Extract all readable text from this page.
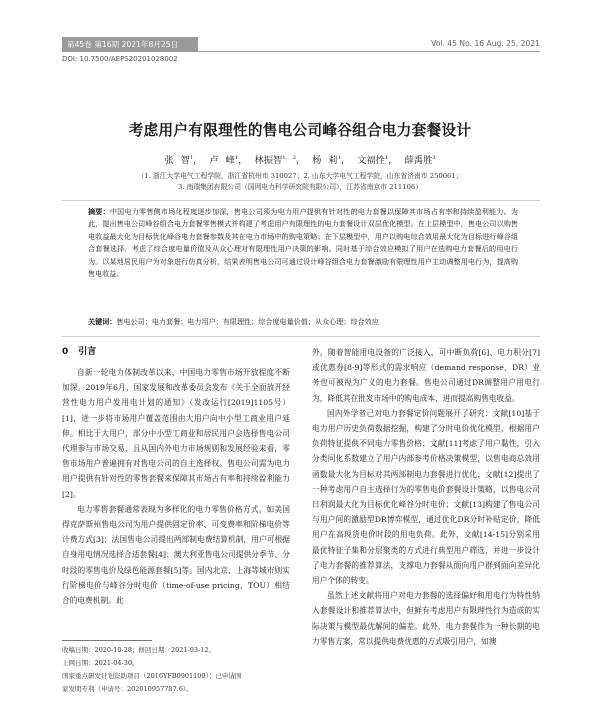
第45卷 第16期 2021年8月25日	Vol. 45 No. 16 Aug. 25, 2021
DOI: 10.7500/AEPS20201028002
考虑用户有限理性的售电公司峰谷组合电力套餐设计
张 智$^1$， 卢 峰$^1$， 林振智$^{1, 2}$， 杨 莉$^1$， 文福拴$^1$， 薛禹胜$^3$
（1. 浙江大学电气工程学院，浙江省杭州市 310027；2. 山东大学电气工程学院，山东省济南市 250061；
3. 南瑞集团有限公司（国网电力科学研究院有限公司），江苏省南京市 211106）
摘要：中国电力零售侧市场化程度逐步加深，售电公司须为电力用户提供有针对性的电力套餐以保障其市场占有率和持续盈利能力。为此，提出售电公司峰谷组合电力套餐零售模式并构建了考虑用户有限理性的电力套餐设计双层优化模型。在上层模型中，售电公司以购售电收益最大化为目标优化峰谷电力套餐参数及其在电力市场中的购电策略；在下层模型中，用户以购电综合效用最大化为目标进行峰谷组合套餐选择，考虑了综合度电量价值及从众心理对有限理性用户决策的影响。同时基于综合效应模拟了用户在选购电力套餐后的用电行为。以某地居民用户为对象进行仿真分析，结果表明售电公司可通过设计峰谷组合电力套餐激励有限理性用户主动调整用电行为，提高购售电收益。
关键词：售电公司；电力套餐；电力用户；有限理性；综合度电量价值；从众心理；综合效应
0 引言

自新一轮电力体制改革以来，中国电力零售市场开放程度不断加深。2019年6月，国家发展和改革委员会发布《关于全面放开经营性电力用户发用电计划的通知》（发改运行[2019]1105号）[1]，进一步将市场用户覆盖范围由大用户向中小型工商业用户延伸。相比于大用户，部分中小型工商业和居民用户会选择售电公司代理参与市场交易，且从国内外电力市场规则和发展经验来看，零售市场用户普遍拥有对售电公司的自主选择权。售电公司需为电力用户提供有针对性的零售套餐来保障其市场占有率和持续盈利能力[2]。

电力零售套餐通常表现为多样化的电力零售价格方式。如美国得克萨斯州售电公司为用户提供固定价率、可变费率和阶梯电价等计费方式[3]；法国售电公司提出两部制电费结算机制，用户可根据自身用电情况选择合适套餐[4]；澳大利亚售电公司提供分季节、分时段的零售电价及绿色能源套餐[5]等。国内北京、上海等城市则实行阶梯电价与峰谷分时电价（time-of-use pricing，TOU）相结合的电费机制。此

外，随着智能用电设备的广泛接入，可中断负荷[6]、电力积分[7]或优惠券[8-9]等形式的需求响应（demand response，DR）业务也可被视为广义的电力套餐。售电公司通过DR调整用户用电行为，降低其在批发市场中的购电成本，进而提高购售电收益。

国内外学者已对电力套餐定价问题展开了研究：文献[10]基于电力用户历史负荷数据挖掘，构建了分时电价优化模型，根据用户负荷特征提供不同电力零售价格；文献[11]考虑了用户黏性，引入分类同化系数建立了用户内部参考价格决策模型，以售电商总效用函数最大化为目标对其两部制电力套餐进行优化；文献[12]提出了一种考虑用户自主选择行为的零售电价套餐设计策略，以售电公司日利润最大化为目标优化峰谷分时电价；文献[13]构建了售电公司与用户间的激励型DR博弈模型，通过优化DR分时补贴定价，降低用户在高现货电价时段的用电负荷。此外，文献[14-15]分别采用最优特征子集和分层聚类的方式进行典型用户筛选，并进一步设计了电力套餐的推荐算法，支撑电力套餐从面向用户群到面向差异化用户个体的转变。

虽然上述文献将用户对电力套餐的选择偏好和用电行为特性纳入套餐设计和推荐算法中，但鲜有考虑用户有限理性行为造成的实际决策与模型最优解间的偏差。此外，电力套餐作为一种长期的电力零售方案，常以提供电费优惠的方式吸引用户，如澳

收稿日期：2020-10-28；修回日期：2021-03-12。
上网日期：2021-04-30。
国家重点研发计划资助项目（2016YFB0901100）；已申请国
家发明专利（申请号：202010957787.6）。
